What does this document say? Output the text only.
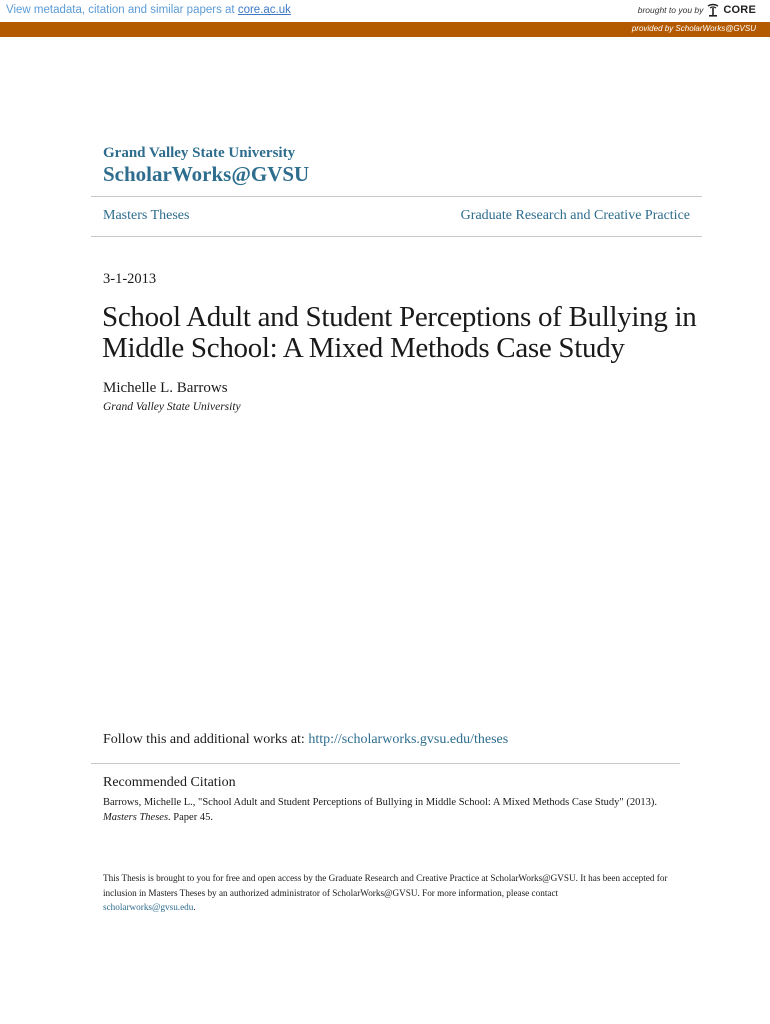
View metadata, citation and similar papers at core.ac.uk	brought to you by CORE
provided by ScholarWorks@GVSU
Grand Valley State University
ScholarWorks@GVSU
Masters Theses	Graduate Research and Creative Practice
3-1-2013
School Adult and Student Perceptions of Bullying in Middle School: A Mixed Methods Case Study
Michelle L. Barrows
Grand Valley State University
Follow this and additional works at: http://scholarworks.gvsu.edu/theses
Recommended Citation
Barrows, Michelle L., "School Adult and Student Perceptions of Bullying in Middle School: A Mixed Methods Case Study" (2013).
Masters Theses. Paper 45.
This Thesis is brought to you for free and open access by the Graduate Research and Creative Practice at ScholarWorks@GVSU. It has been accepted for inclusion in Masters Theses by an authorized administrator of ScholarWorks@GVSU. For more information, please contact
scholarworks@gvsu.edu.
